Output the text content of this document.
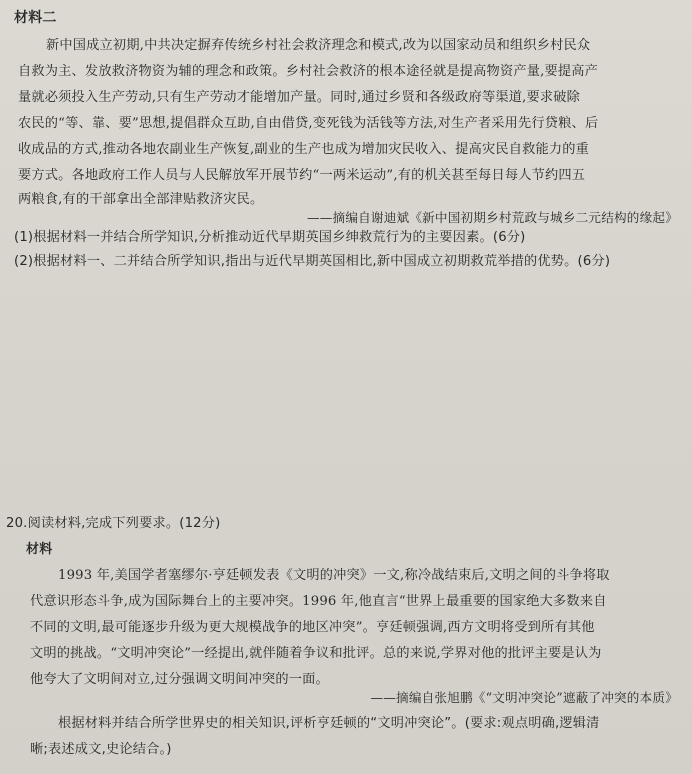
材料二
新中国成立初期,中共决定摒弃传统乡村社会救济理念和模式,改为以国家动员和组织乡村民众
自救为主、发放救济物资为辅的理念和政策。乡村社会救济的根本途径就是提高物资产量,要提高产
量就必须投入生产劳动,只有生产劳动才能增加产量。同时,通过乡贤和各级政府等渠道,要求破除
农民的“等、靠、要”思想,提倡群众互助,自由借贷,变死钱为活钱等方法,对生产者采用先行贷粮、后
收成品的方式,推动各地农副业生产恢复,副业的生产也成为增加灾民收入、提高灾民自救能力的重
要方式。各地政府工作人员与人民解放军开展节约“一两米运动”,有的机关甚至每日每人节约四五
两粮食,有的干部拿出全部津贴救济灾民。
——摘编自谢迪斌《新中国初期乡村荒政与城乡二元结构的缘起》
(1)根据材料一并结合所学知识,分析推动近代早期英国乡绅救荒行为的主要因素。(6分)
(2)根据材料一、二并结合所学知识,指出与近代早期英国相比,新中国成立初期救荒举措的优势。(6分)
20.阅读材料,完成下列要求。(12分)
材料
1993 年,美国学者塞缪尔·亨廷顿发表《文明的冲突》一文,称冷战结束后,文明之间的斗争将取
代意识形态斗争,成为国际舞台上的主要冲突。1996 年,他直言“世界上最重要的国家绝大多数来自
不同的文明,最可能逐步升级为更大规模战争的地区冲突”。亨廷顿强调,西方文明将受到所有其他
文明的挑战。“文明冲突论”一经提出,就伴随着争议和批评。总的来说,学界对他的批评主要是认为
他夸大了文明间对立,过分强调文明间冲突的一面。
——摘编自张旭鹏《“文明冲突论”遮蔽了冲突的本质》
根据材料并结合所学世界史的相关知识,评析亨廷顿的“文明冲突论”。(要求:观点明确,逻辑清
晰;表述成文,史论结合。)
